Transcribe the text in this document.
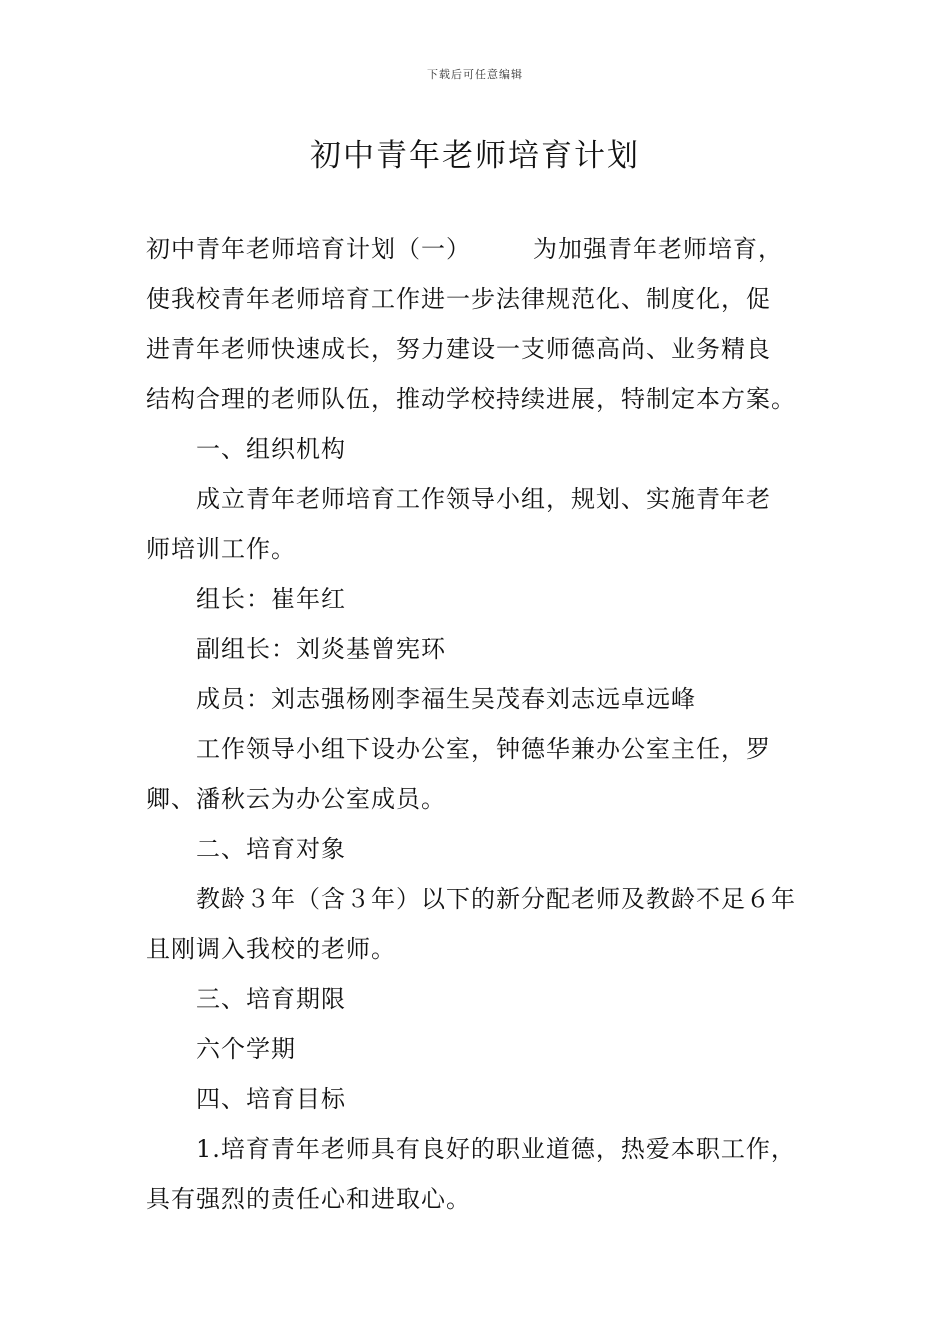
下载后可任意编辑
初中青年老师培育计划

初中青年老师培育计划（一）	为加强青年老师培育，

使我校青年老师培育工作进一步法律规范化、制度化，促

进青年老师快速成长，努力建设一支师德高尚、业务精良

结构合理的老师队伍，推动学校持续进展，特制定本方案。

一、组织机构

成立青年老师培育工作领导小组，规划、实施青年老

师培训工作。

组长：崔年红

副组长：刘炎基曾宪环

成员：刘志强杨刚李福生吴茂春刘志远卓远峰

工作领导小组下设办公室，钟德华兼办公室主任，罗

卿、潘秋云为办公室成员。

二、培育对象

教龄３年（含３年）以下的新分配老师及教龄不足６年

且刚调入我校的老师。

三、培育期限

六个学期

四、培育目标

1.培育青年老师具有良好的职业道德，热爱本职工作，

具有强烈的责任心和进取心。
